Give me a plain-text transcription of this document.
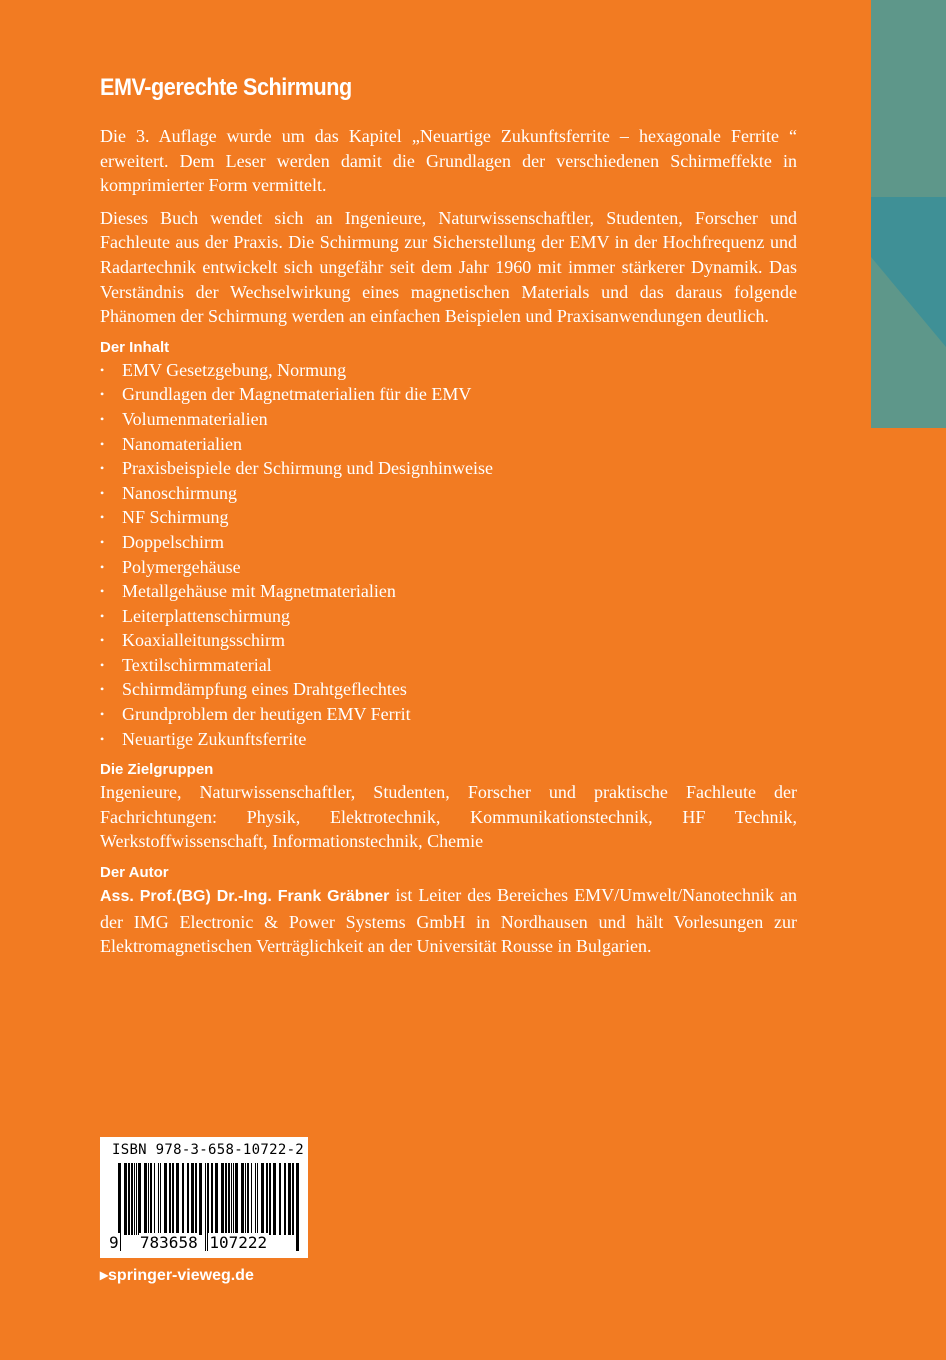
EMV-gerechte Schirmung

Die 3. Auflage wurde um das Kapitel „Neuartige Zukunftsferrite – hexagonale Ferrite “ erweitert. Dem Leser werden damit die Grundlagen der verschiedenen Schirmeffekte in komprimierter Form vermittelt.

Dieses Buch wendet sich an Ingenieure, Naturwissenschaftler, Studenten, Forscher und Fachleute aus der Praxis. Die Schirmung zur Sicherstellung der EMV in der Hochfrequenz und Radartechnik entwickelt sich ungefähr seit dem Jahr 1960 mit immer stärkerer Dynamik. Das Verständnis der Wechselwirkung eines magnetischen Materials und das daraus folgende Phänomen der Schirmung werden an einfachen Beispielen und Praxisanwendungen deutlich.

Der Inhalt
• EMV Gesetzgebung, Normung
• Grundlagen der Magnetmaterialien für die EMV
• Volumenmaterialien
• Nanomaterialien
• Praxisbeispiele der Schirmung und Designhinweise
• Nanoschirmung
• NF Schirmung
• Doppelschirm
• Polymergehäuse
• Metallgehäuse mit Magnetmaterialien
• Leiterplattenschirmung
• Koaxialleitungsschirm
• Textilschirmmaterial
• Schirmdämpfung eines Drahtgeflechtes
• Grundproblem der heutigen EMV Ferrit
• Neuartige Zukunftsferrite
Die Zielgruppen

Ingenieure, Naturwissenschaftler, Studenten, Forscher und praktische Fachleute der Fachrichtungen: Physik, Elektrotechnik, Kommunikationstechnik, HF Technik, Werkstoffwissenschaft, Informationstechnik, Chemie

Der Autor

Ass. Prof.(BG) Dr.-Ing. Frank Gräbner ist Leiter des Bereiches EMV/Umwelt/Nanotechnik an der IMG Electronic & Power Systems GmbH in Nordhausen und hält Vorlesungen zur Elektromagnetischen Verträglichkeit an der Universität Rousse in Bulgarien.

ISBN 978-3-658-10722-2
9 783658 107222
▸springer-vieweg.de
